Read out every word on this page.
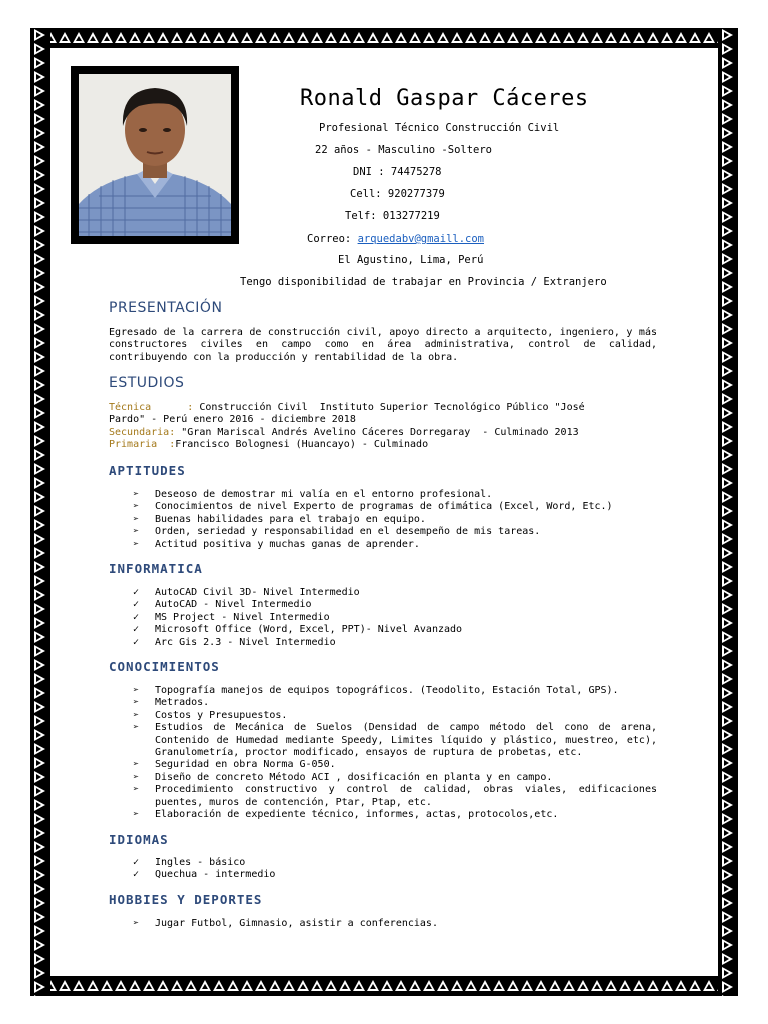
Ronald Gaspar Cáceres
Profesional Técnico Construcción Civil
22 años - Masculino -Soltero
DNI : 74475278
Cell: 920277379
Telf: 013277219
Correo: arquedabv@gmaill.com
El Agustino, Lima, Perú
Tengo disponibilidad de trabajar en Provincia / Extranjero
PRESENTACIÓN
Egresado de la carrera de construcción civil, apoyo directo a arquitecto, ingeniero, y más constructores civiles en campo como en área administrativa, control de calidad, contribuyendo con la producción y rentabilidad de la obra.
ESTUDIOS
Técnica      : Construcción Civil  Instituto Superior Tecnológico Público "José
Pardo" - Perú enero 2016 - diciembre 2018
Secundaria: "Gran Mariscal Andrés Avelino Cáceres Dorregaray  - Culminado 2013
Primaria  :Francisco Bolognesi (Huancayo) - Culminado
APTITUDES
➢ Deseoso de demostrar mi valía en el entorno profesional.
➢ Conocimientos de nivel Experto de programas de ofimática (Excel, Word, Etc.)
➢ Buenas habilidades para el trabajo en equipo.
➢ Orden, seriedad y responsabilidad en el desempeño de mis tareas.
➢ Actitud positiva y muchas ganas de aprender.
INFORMATICA
✓ AutoCAD Civil 3D- Nivel Intermedio
✓ AutoCAD - Nivel Intermedio
✓ MS Project - Nivel Intermedio
✓ Microsoft Office (Word, Excel, PPT)- Nivel Avanzado
✓ Arc Gis 2.3 - Nivel Intermedio
CONOCIMIENTOS
➢ Topografía manejos de equipos topográficos. (Teodolito, Estación Total, GPS).
➢ Metrados.
➢ Costos y Presupuestos.
➢ Estudios de Mecánica de Suelos (Densidad de campo método del cono de arena, Contenido de Humedad mediante Speedy, Limites líquido y plástico, muestreo, etc), Granulometría, proctor modificado, ensayos de ruptura de probetas, etc.
➢ Seguridad en obra Norma G-050.
➢ Diseño de concreto Método ACI , dosificación en planta y en campo.
➢ Procedimiento constructivo y control de calidad, obras viales, edificaciones puentes, muros de contención, Ptar, Ptap, etc.
➢ Elaboración de expediente técnico, informes, actas, protocolos,etc.
IDIOMAS
✓ Ingles - básico
✓ Quechua - intermedio
HOBBIES Y DEPORTES
➢ Jugar Futbol, Gimnasio, asistir a conferencias.
